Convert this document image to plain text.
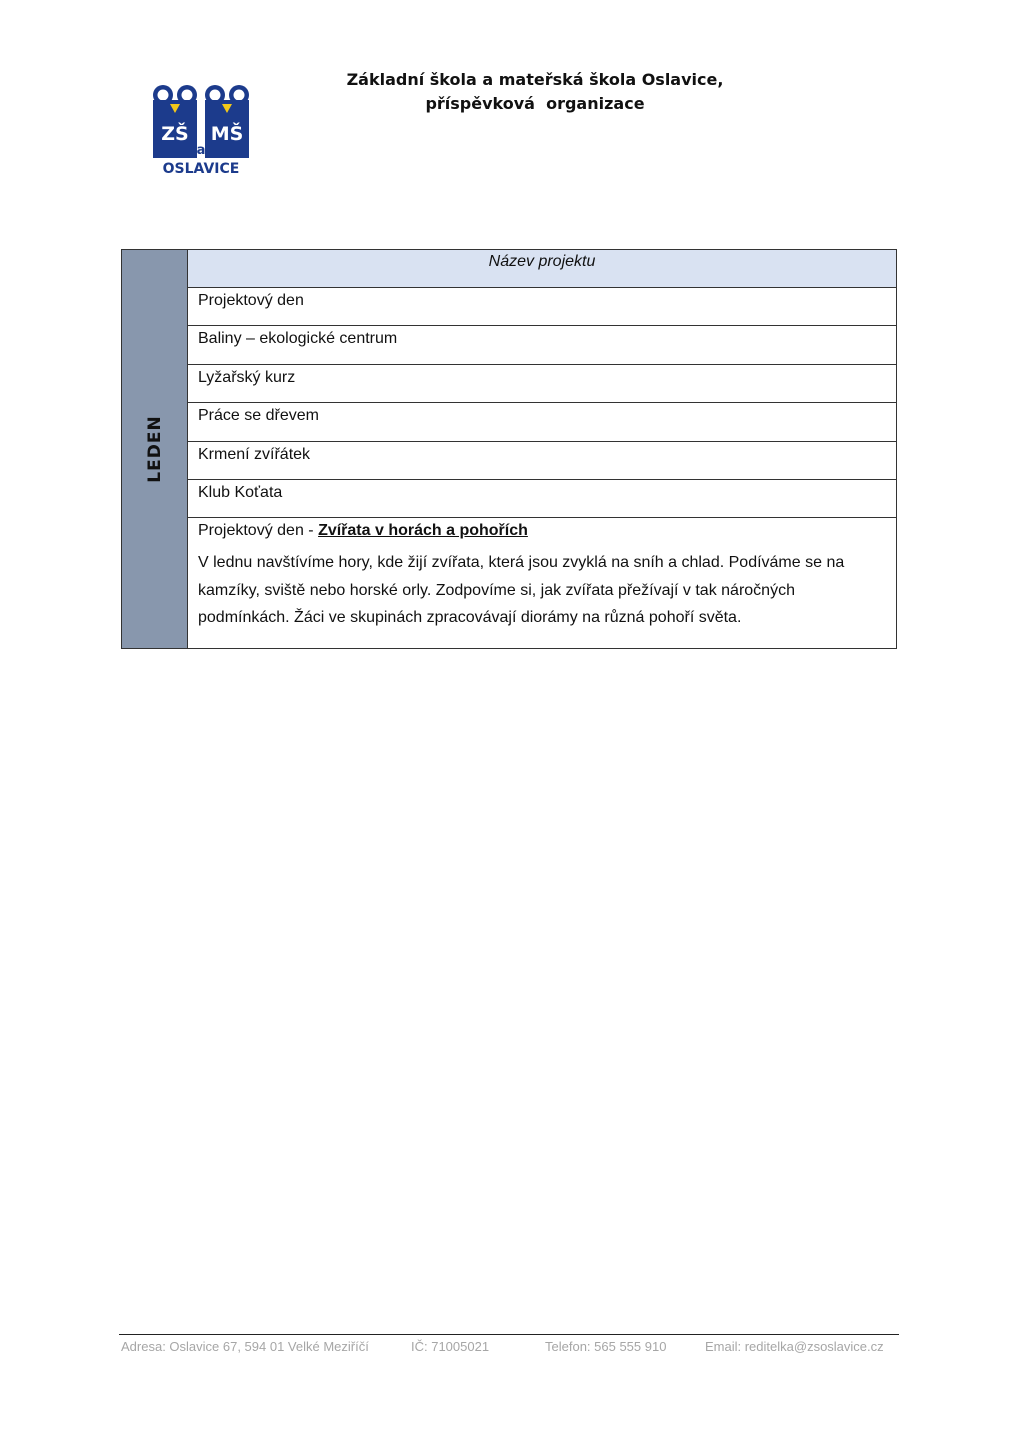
ZŠ MŠ
a
OSLAVICE
Základní škola a mateřská škola Oslavice,
příspěvková  organizace
LEDEN
Název projektu
Projektový den
Baliny – ekologické centrum
Lyžařský kurz
Práce se dřevem
Krmení zvířátek
Klub Koťata
Projektový den - Zvířata v horách a pohořích
V lednu navštívíme hory, kde žijí zvířata, která jsou zvyklá na sníh a chlad. Podíváme se na kamzíky, sviště nebo horské orly. Zodpovíme si, jak zvířata přežívají v tak náročných podmínkách. Žáci ve skupinách zpracovávají diorámy na různá pohoří světa.
Adresa: Oslavice 67, 594 01 Velké Meziříčí	IČ: 71005021	Telefon: 565 555 910	Email: reditelka@zsoslavice.cz
